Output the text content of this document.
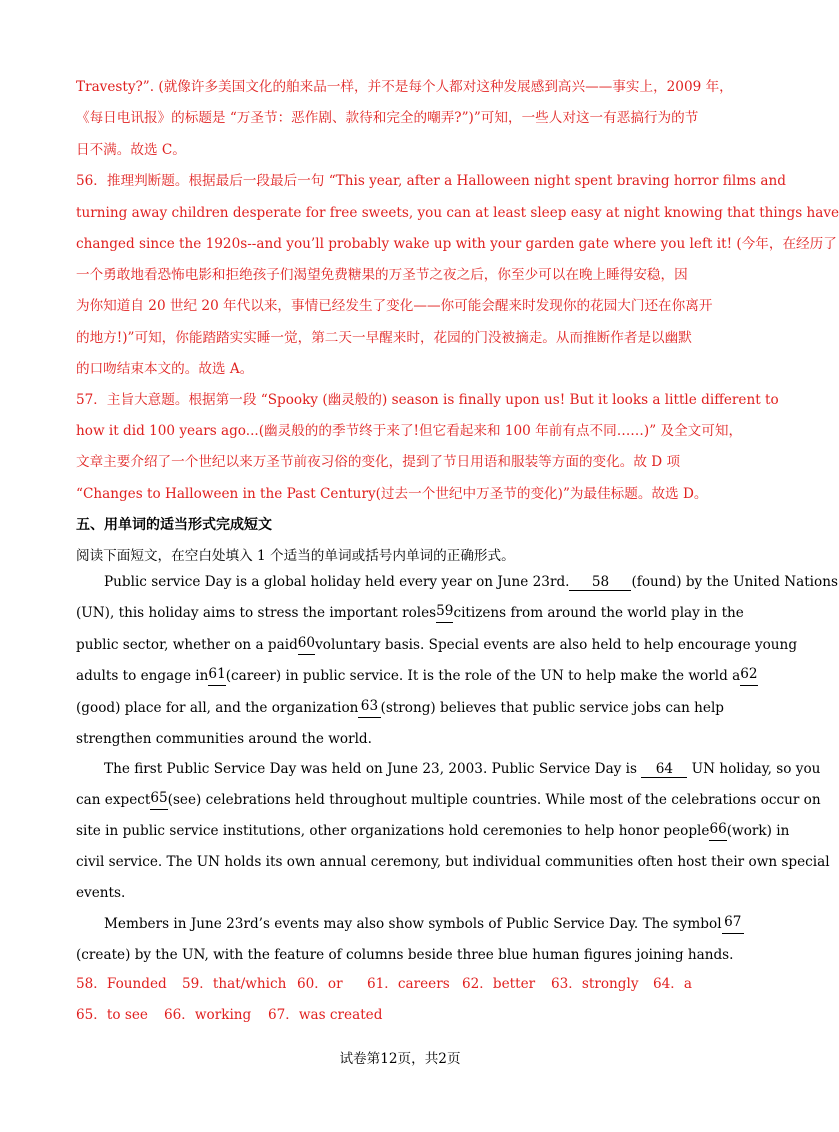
Travesty?”. (就像许多美国文化的舶来品一样，并不是每个人都对这种发展感到高兴——事实上，2009 年，
《每日电讯报》的标题是 “万圣节：恶作剧、款待和完全的嘲弄?”)”可知，一些人对这一有恶搞行为的节
日不满。故选 C。
56．推理判断题。根据最后一段最后一句 “This year, after a Halloween night spent braving horror films and
turning away children desperate for free sweets, you can at least sleep easy at night knowing that things have
changed since the 1920s--and you’ll probably wake up with your garden gate where you left it! (今年，在经历了
一个勇敢地看恐怖电影和拒绝孩子们渴望免费糖果的万圣节之夜之后，你至少可以在晚上睡得安稳，因
为你知道自 20 世纪 20 年代以来，事情已经发生了变化——你可能会醒来时发现你的花园大门还在你离开
的地方!)”可知，你能踏踏实实睡一觉，第二天一早醒来时，花园的门没被摘走。从而推断作者是以幽默
的口吻结束本文的。故选 A。
57．主旨大意题。根据第一段 “Spooky (幽灵般的) season is finally upon us! But it looks a little different to
how it did 100 years ago...(幽灵般的的季节终于来了!但它看起来和 100 年前有点不同……)” 及全文可知，
文章主要介绍了一个世纪以来万圣节前夜习俗的变化，提到了节日用语和服装等方面的变化。故 D 项
“Changes to Halloween in the Past Century(过去一个世纪中万圣节的变化)”为最佳标题。故选 D。
五、用单词的适当形式完成短文
阅读下面短文，在空白处填入 1 个适当的单词或括号内单词的正确形式。
Public service Day is a global holiday held every year on June 23rd. 58 (found) by the United Nations
(UN), this holiday aims to stress the important roles 59 citizens from around the world play in the
public sector, whether on a paid 60 voluntary basis. Special events are also held to help encourage young
adults to engage in 61 (career) in public service. It is the role of the UN to help make the world a 62
(good) place for all, and the organization 63 (strong) believes that public service jobs can help
strengthen communities around the world.
The first Public Service Day was held on June 23, 2003. Public Service Day is 64 UN holiday, so you
can expect 65 (see) celebrations held throughout multiple countries. While most of the celebrations occur on
site in public service institutions, other organizations hold ceremonies to help honor people 66 (work) in
civil service. The UN holds its own annual ceremony, but individual communities often host their own special
events.
Members in June 23rd’s events may also show symbols of Public Service Day. The symbol 67
(create) by the UN, with the feature of columns beside three blue human figures joining hands.
58．Founded 59．that/which 60．or 61．careers 62．better 63．strongly 64．a
65．to see 66．working 67．was created
试卷第12页，共2页
